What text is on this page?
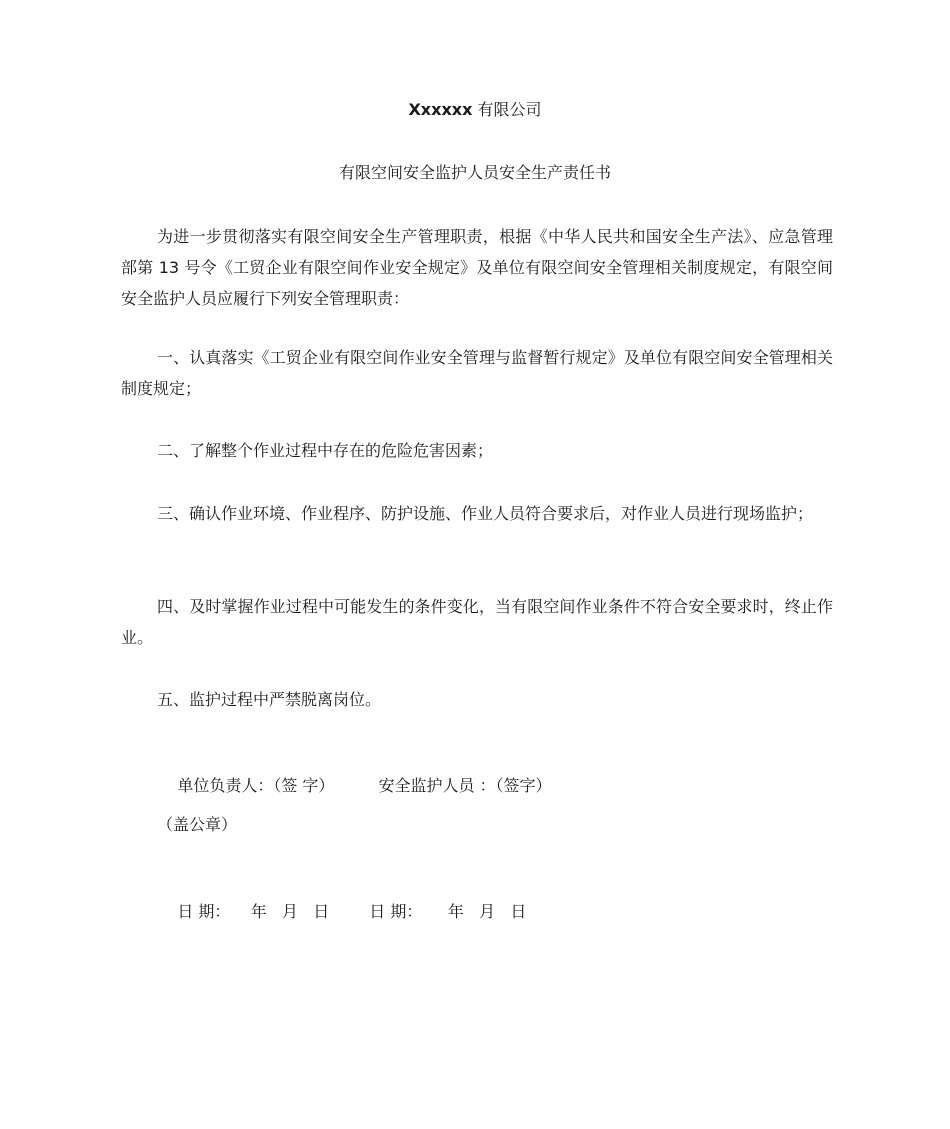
Xxxxxx 有限公司
有限空间安全监护人员安全生产责任书
为进一步贯彻落实有限空间安全生产管理职责，根据《中华人民共和国安全生产法》、应急管理部第 13 号令《工贸企业有限空间作业安全规定》及单位有限空间安全管理相关制度规定，有限空间安全监护人员应履行下列安全管理职责：
一、认真落实《工贸企业有限空间作业安全管理与监督暂行规定》及单位有限空间安全管理相关制度规定；
二、了解整个作业过程中存在的危险危害因素；
三、确认作业环境、作业程序、防护设施、作业人员符合要求后，对作业人员进行现场监护；
四、及时掌握作业过程中可能发生的条件变化，当有限空间作业条件不符合安全要求时，终止作业。
五、监护过程中严禁脱离岗位。

单位负责人：（签 字）	安全监护人员 ：（签字）

（盖公章）

日 期：    年   月   日	日 期：     年   月   日
